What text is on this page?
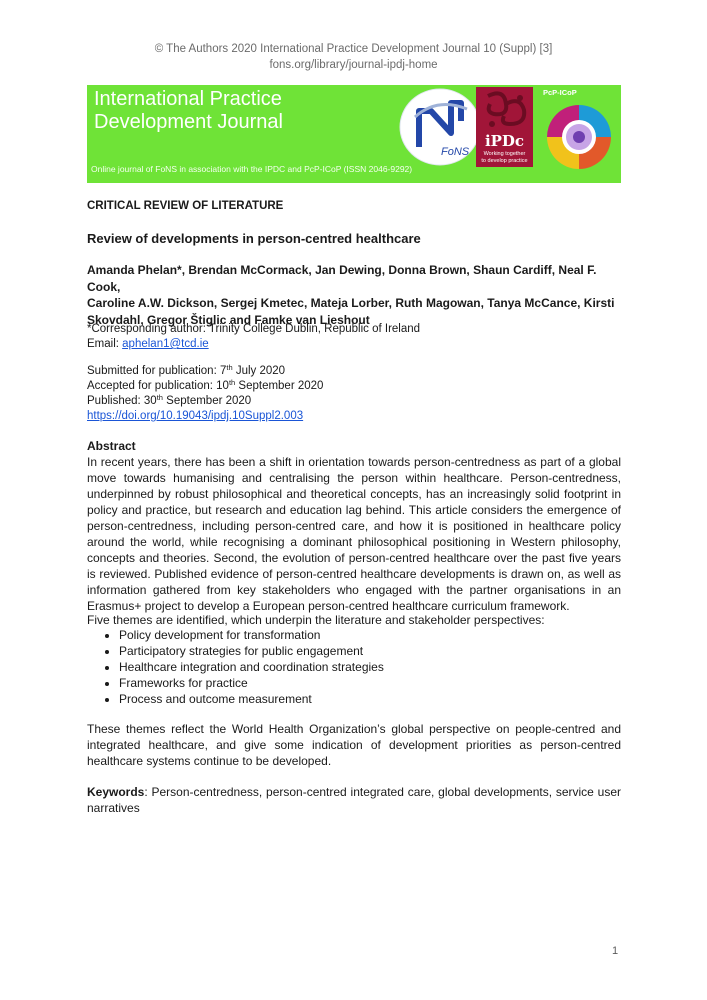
© The Authors 2020 International Practice Development Journal 10 (Suppl) [3]
fons.org/library/journal-ipdj-home
International Practice
Development Journal
FoNS
iPDc
Working together
to develop practice
PcP-ICoP
Online journal of FoNS in association with the IPDC and PcP-ICoP (ISSN 2046-9292)
CRITICAL REVIEW OF LITERATURE
Review of developments in person-centred healthcare
Amanda Phelan*, Brendan McCormack, Jan Dewing, Donna Brown, Shaun Cardiff, Neal F. Cook,
Caroline A.W. Dickson, Sergej Kmetec, Mateja Lorber, Ruth Magowan, Tanya McCance, Kirsti
Skovdahl, Gregor Štiglic and Famke van Lieshout
*Corresponding author: Trinity College Dublin, Republic of Ireland
Email: aphelan1@tcd.ie
Submitted for publication: 7th July 2020
Accepted for publication: 10th September 2020
Published: 30th September 2020
https://doi.org/10.19043/ipdj.10Suppl2.003
Abstract
In recent years, there has been a shift in orientation towards person-centredness as part of a global move towards humanising and centralising the person within healthcare. Person-centredness, underpinned by robust philosophical and theoretical concepts, has an increasingly solid footprint in policy and practice, but research and education lag behind. This article considers the emergence of person-centredness, including person-centred care, and how it is positioned in healthcare policy around the world, while recognising a dominant philosophical positioning in Western philosophy, concepts and theories. Second, the evolution of person-centred healthcare over the past five years is reviewed. Published evidence of person-centred healthcare developments is drawn on, as well as information gathered from key stakeholders who engaged with the partner organisations in an Erasmus+ project to develop a European person-centred healthcare curriculum framework.
Five themes are identified, which underpin the literature and stakeholder perspectives:
• Policy development for transformation
• Participatory strategies for public engagement
• Healthcare integration and coordination strategies
• Frameworks for practice
• Process and outcome measurement
These themes reflect the World Health Organization’s global perspective on people-centred and integrated healthcare, and give some indication of development priorities as person-centred healthcare systems continue to be developed.
Keywords: Person-centredness, person-centred integrated care, global developments, service user narratives
1
